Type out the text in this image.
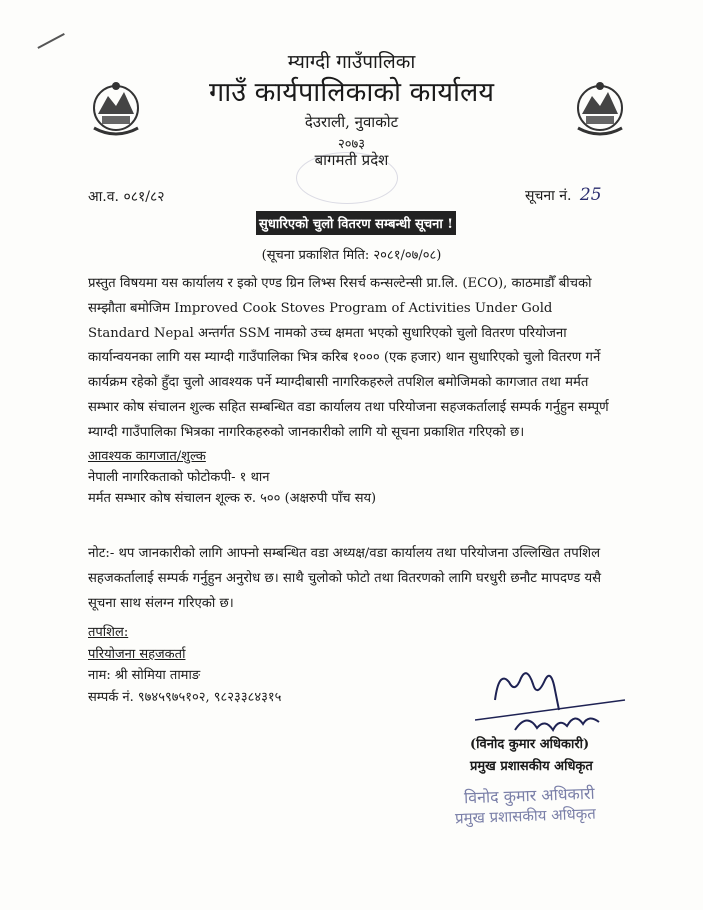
म्याग्दी गाउँपालिका
गाउँ कार्यपालिकाको कार्यालय
देउराली, नुवाकोट
२०७३
बागमती प्रदेश
आ.व. ०८१/८२	सूचना नं. 25
सुधारिएको चुलो वितरण सम्बन्धी सूचना !
(सूचना प्रकाशित मिति: २०८१/०७/०८)
प्रस्तुत विषयमा यस कार्यालय र इको एण्ड ग्रिन लिभ्स रिसर्च कन्सल्टेन्सी प्रा.लि. (ECO), काठमाडौँ बीचको सम्झौता बमोजिम Improved Cook Stoves Program of Activities Under Gold Standard Nepal अन्तर्गत SSM नामको उच्च क्षमता भएको सुधारिएको चुलो वितरण परियोजना कार्यान्वयनका लागि यस म्याग्दी गाउँपालिका भित्र करिब १००० (एक हजार) थान सुधारिएको चुलो वितरण गर्ने कार्यक्रम रहेको हुँदा चुलो आवश्यक पर्ने म्याग्दीबासी नागरिकहरुले तपशिल बमोजिमको कागजात तथा मर्मत सम्भार कोष संचालन शुल्क सहित सम्बन्धित वडा कार्यालय तथा परियोजना सहजकर्तालाई सम्पर्क गर्नुहुन सम्पूर्ण म्याग्दी गाउँपालिका भित्रका नागरिकहरुको जानकारीको लागि यो सूचना प्रकाशित गरिएको छ।
आवश्यक कागजात/शुल्क
नेपाली नागरिकताको फोटोकपी- १ थान
मर्मत सम्भार कोष संचालन शूल्क रु. ५०० (अक्षरुपी पाँच सय)
नोट:- थप जानकारीको लागि आफ्नो सम्बन्धित वडा अध्यक्ष/वडा कार्यालय तथा परियोजना उल्लिखित तपशिल सहजकर्तालाई सम्पर्क गर्नुहुन अनुरोध छ। साथै चुलोको फोटो तथा वितरणको लागि घरधुरी छनौट मापदण्ड यसै सूचना साथ संलग्न गरिएको छ।
तपशिल:
परियोजना सहजकर्ता
नाम: श्री सोमिया तामाङ
सम्पर्क नं. ९७४५९७५१०२, ९८२३३८४३१५
(विनोद कुमार अधिकारी)
प्रमुख प्रशासकीय अधिकृत
विनोद कुमार अधिकारी
प्रमुख प्रशासकीय अधिकृत
